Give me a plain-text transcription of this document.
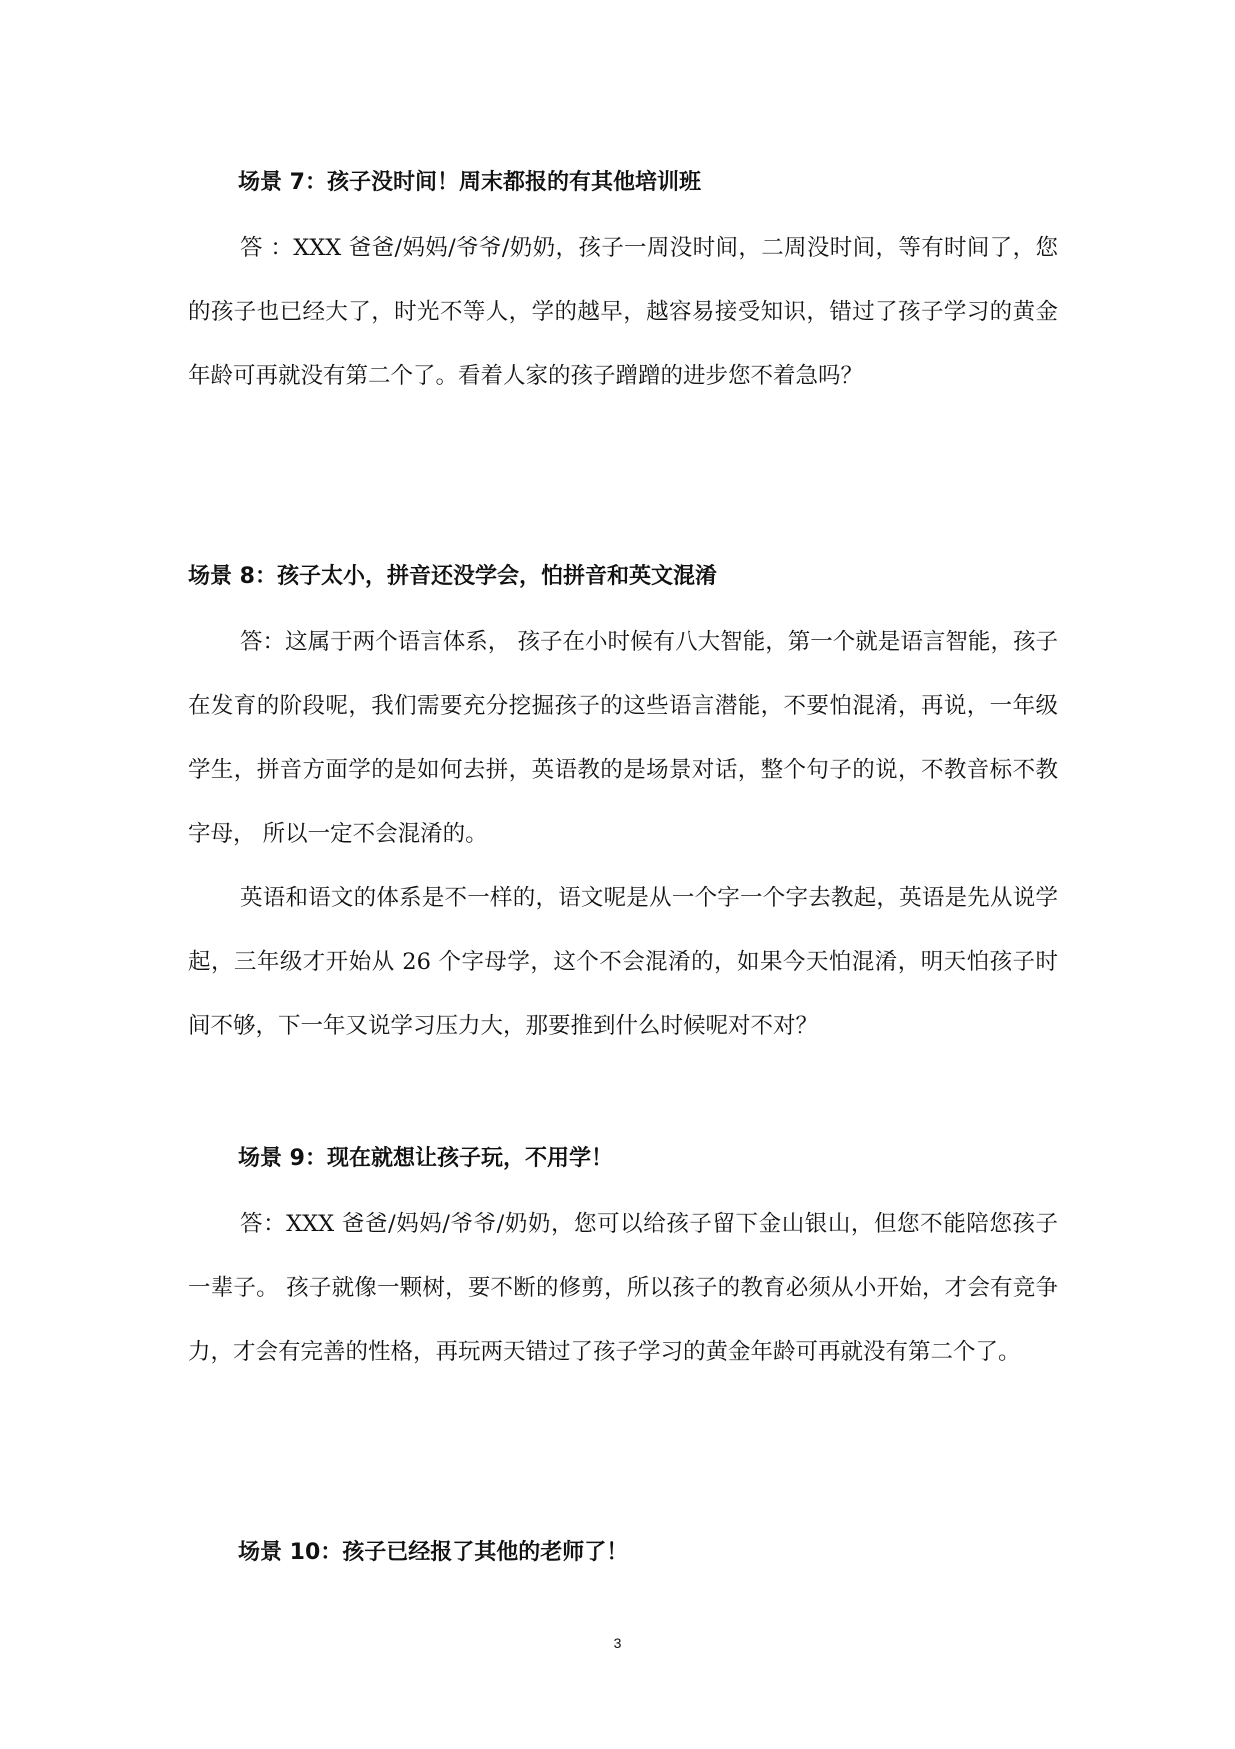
场景 7：孩子没时间！周末都报的有其他培训班

答 ：XXX 爸爸/妈妈/爷爷/奶奶，孩子一周没时间，二周没时间，等有时间了，您的孩子也已经大了，时光不等人，学的越早，越容易接受知识，错过了孩子学习的黄金年龄可再就没有第二个了。看着人家的孩子蹭蹭的进步您不着急吗？

场景 8：孩子太小，拼音还没学会，怕拼音和英文混淆

答：这属于两个语言体系， 孩子在小时候有八大智能，第一个就是语言智能，孩子在发育的阶段呢，我们需要充分挖掘孩子的这些语言潜能，不要怕混淆，再说，一年级学生，拼音方面学的是如何去拼，英语教的是场景对话，整个句子的说，不教音标不教字母， 所以一定不会混淆的。

英语和语文的体系是不一样的，语文呢是从一个字一个字去教起，英语是先从说学起，三年级才开始从 26 个字母学，这个不会混淆的，如果今天怕混淆，明天怕孩子时间不够，下一年又说学习压力大，那要推到什么时候呢对不对？

场景 9：现在就想让孩子玩，不用学！

答：XXX 爸爸/妈妈/爷爷/奶奶，您可以给孩子留下金山银山，但您不能陪您孩子一辈子。 孩子就像一颗树，要不断的修剪，所以孩子的教育必须从小开始，才会有竞争力，才会有完善的性格，再玩两天错过了孩子学习的黄金年龄可再就没有第二个了。

场景 10：孩子已经报了其他的老师了！
3
